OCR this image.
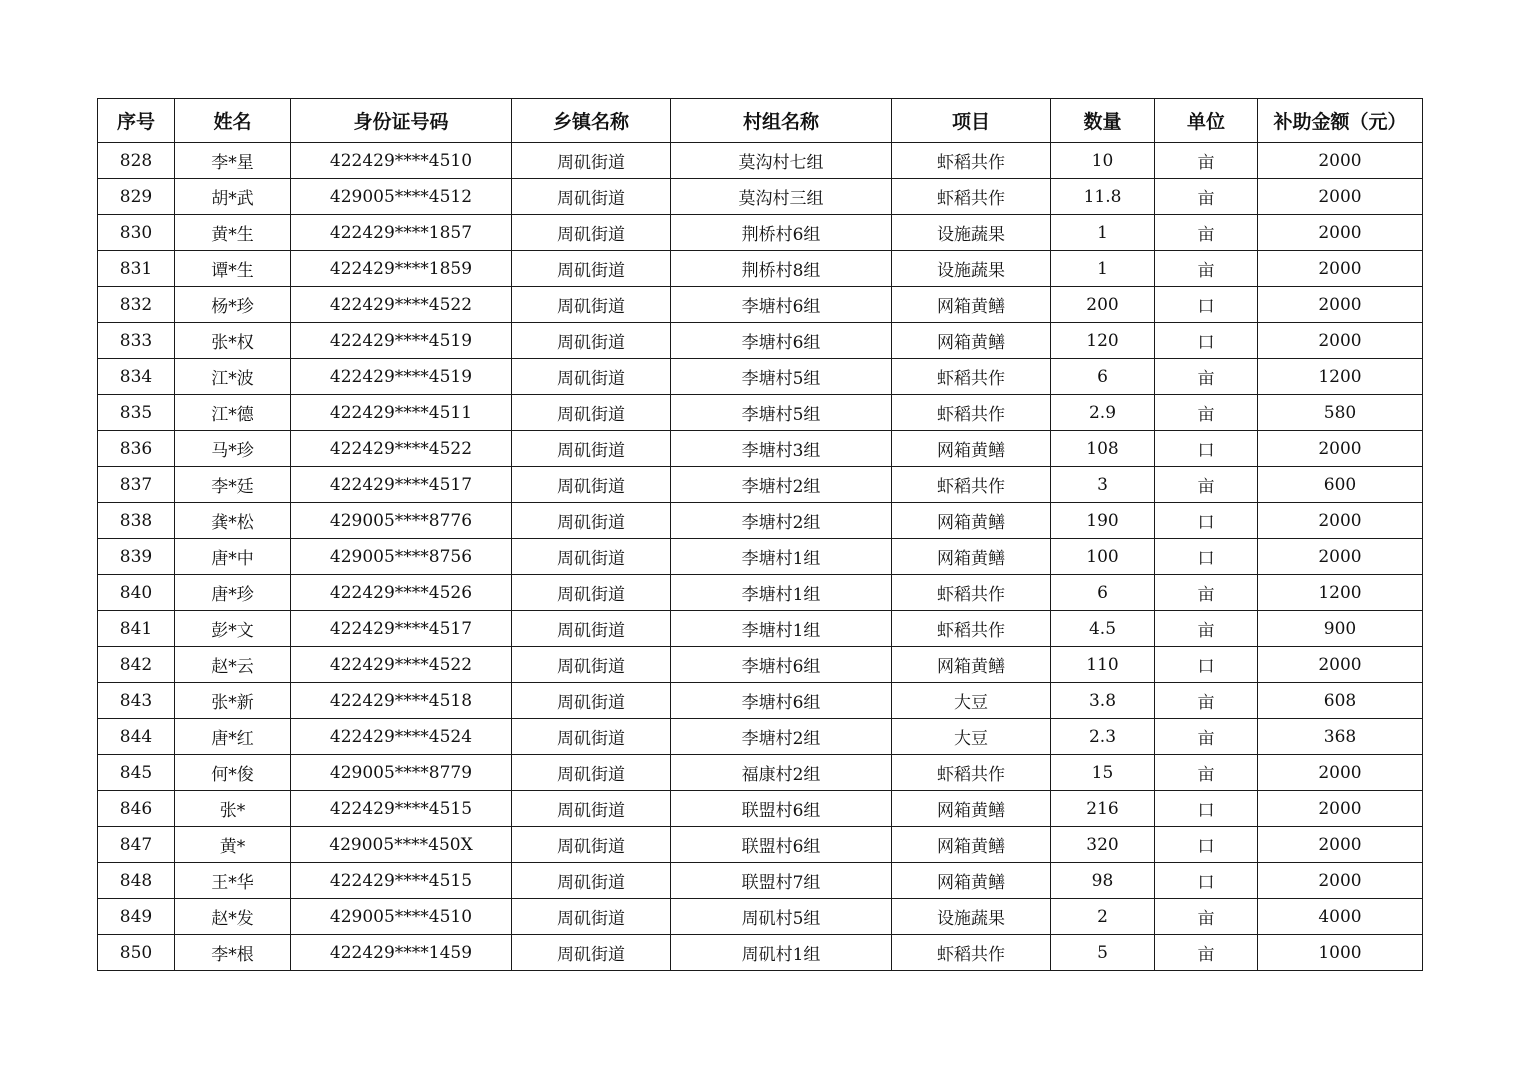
序号	姓名	身份证号码	乡镇名称	村组名称	项目	数量	单位	补助金额（元）
828	李*星	422429****4510	周矶街道	莫沟村七组	虾稻共作	10	亩	2000
829	胡*武	429005****4512	周矶街道	莫沟村三组	虾稻共作	11.8	亩	2000
830	黄*生	422429****1857	周矶街道	荆桥村6组	设施蔬果	1	亩	2000
831	谭*生	422429****1859	周矶街道	荆桥村8组	设施蔬果	1	亩	2000
832	杨*珍	422429****4522	周矶街道	李塘村6组	网箱黄鳝	200	口	2000
833	张*权	422429****4519	周矶街道	李塘村6组	网箱黄鳝	120	口	2000
834	江*波	422429****4519	周矶街道	李塘村5组	虾稻共作	6	亩	1200
835	江*德	422429****4511	周矶街道	李塘村5组	虾稻共作	2.9	亩	580
836	马*珍	422429****4522	周矶街道	李塘村3组	网箱黄鳝	108	口	2000
837	李*廷	422429****4517	周矶街道	李塘村2组	虾稻共作	3	亩	600
838	龚*松	429005****8776	周矶街道	李塘村2组	网箱黄鳝	190	口	2000
839	唐*中	429005****8756	周矶街道	李塘村1组	网箱黄鳝	100	口	2000
840	唐*珍	422429****4526	周矶街道	李塘村1组	虾稻共作	6	亩	1200
841	彭*文	422429****4517	周矶街道	李塘村1组	虾稻共作	4.5	亩	900
842	赵*云	422429****4522	周矶街道	李塘村6组	网箱黄鳝	110	口	2000
843	张*新	422429****4518	周矶街道	李塘村6组	大豆	3.8	亩	608
844	唐*红	422429****4524	周矶街道	李塘村2组	大豆	2.3	亩	368
845	何*俊	429005****8779	周矶街道	福康村2组	虾稻共作	15	亩	2000
846	张*	422429****4515	周矶街道	联盟村6组	网箱黄鳝	216	口	2000
847	黄*	429005****450X	周矶街道	联盟村6组	网箱黄鳝	320	口	2000
848	王*华	422429****4515	周矶街道	联盟村7组	网箱黄鳝	98	口	2000
849	赵*发	429005****4510	周矶街道	周矶村5组	设施蔬果	2	亩	4000
850	李*根	422429****1459	周矶街道	周矶村1组	虾稻共作	5	亩	1000
